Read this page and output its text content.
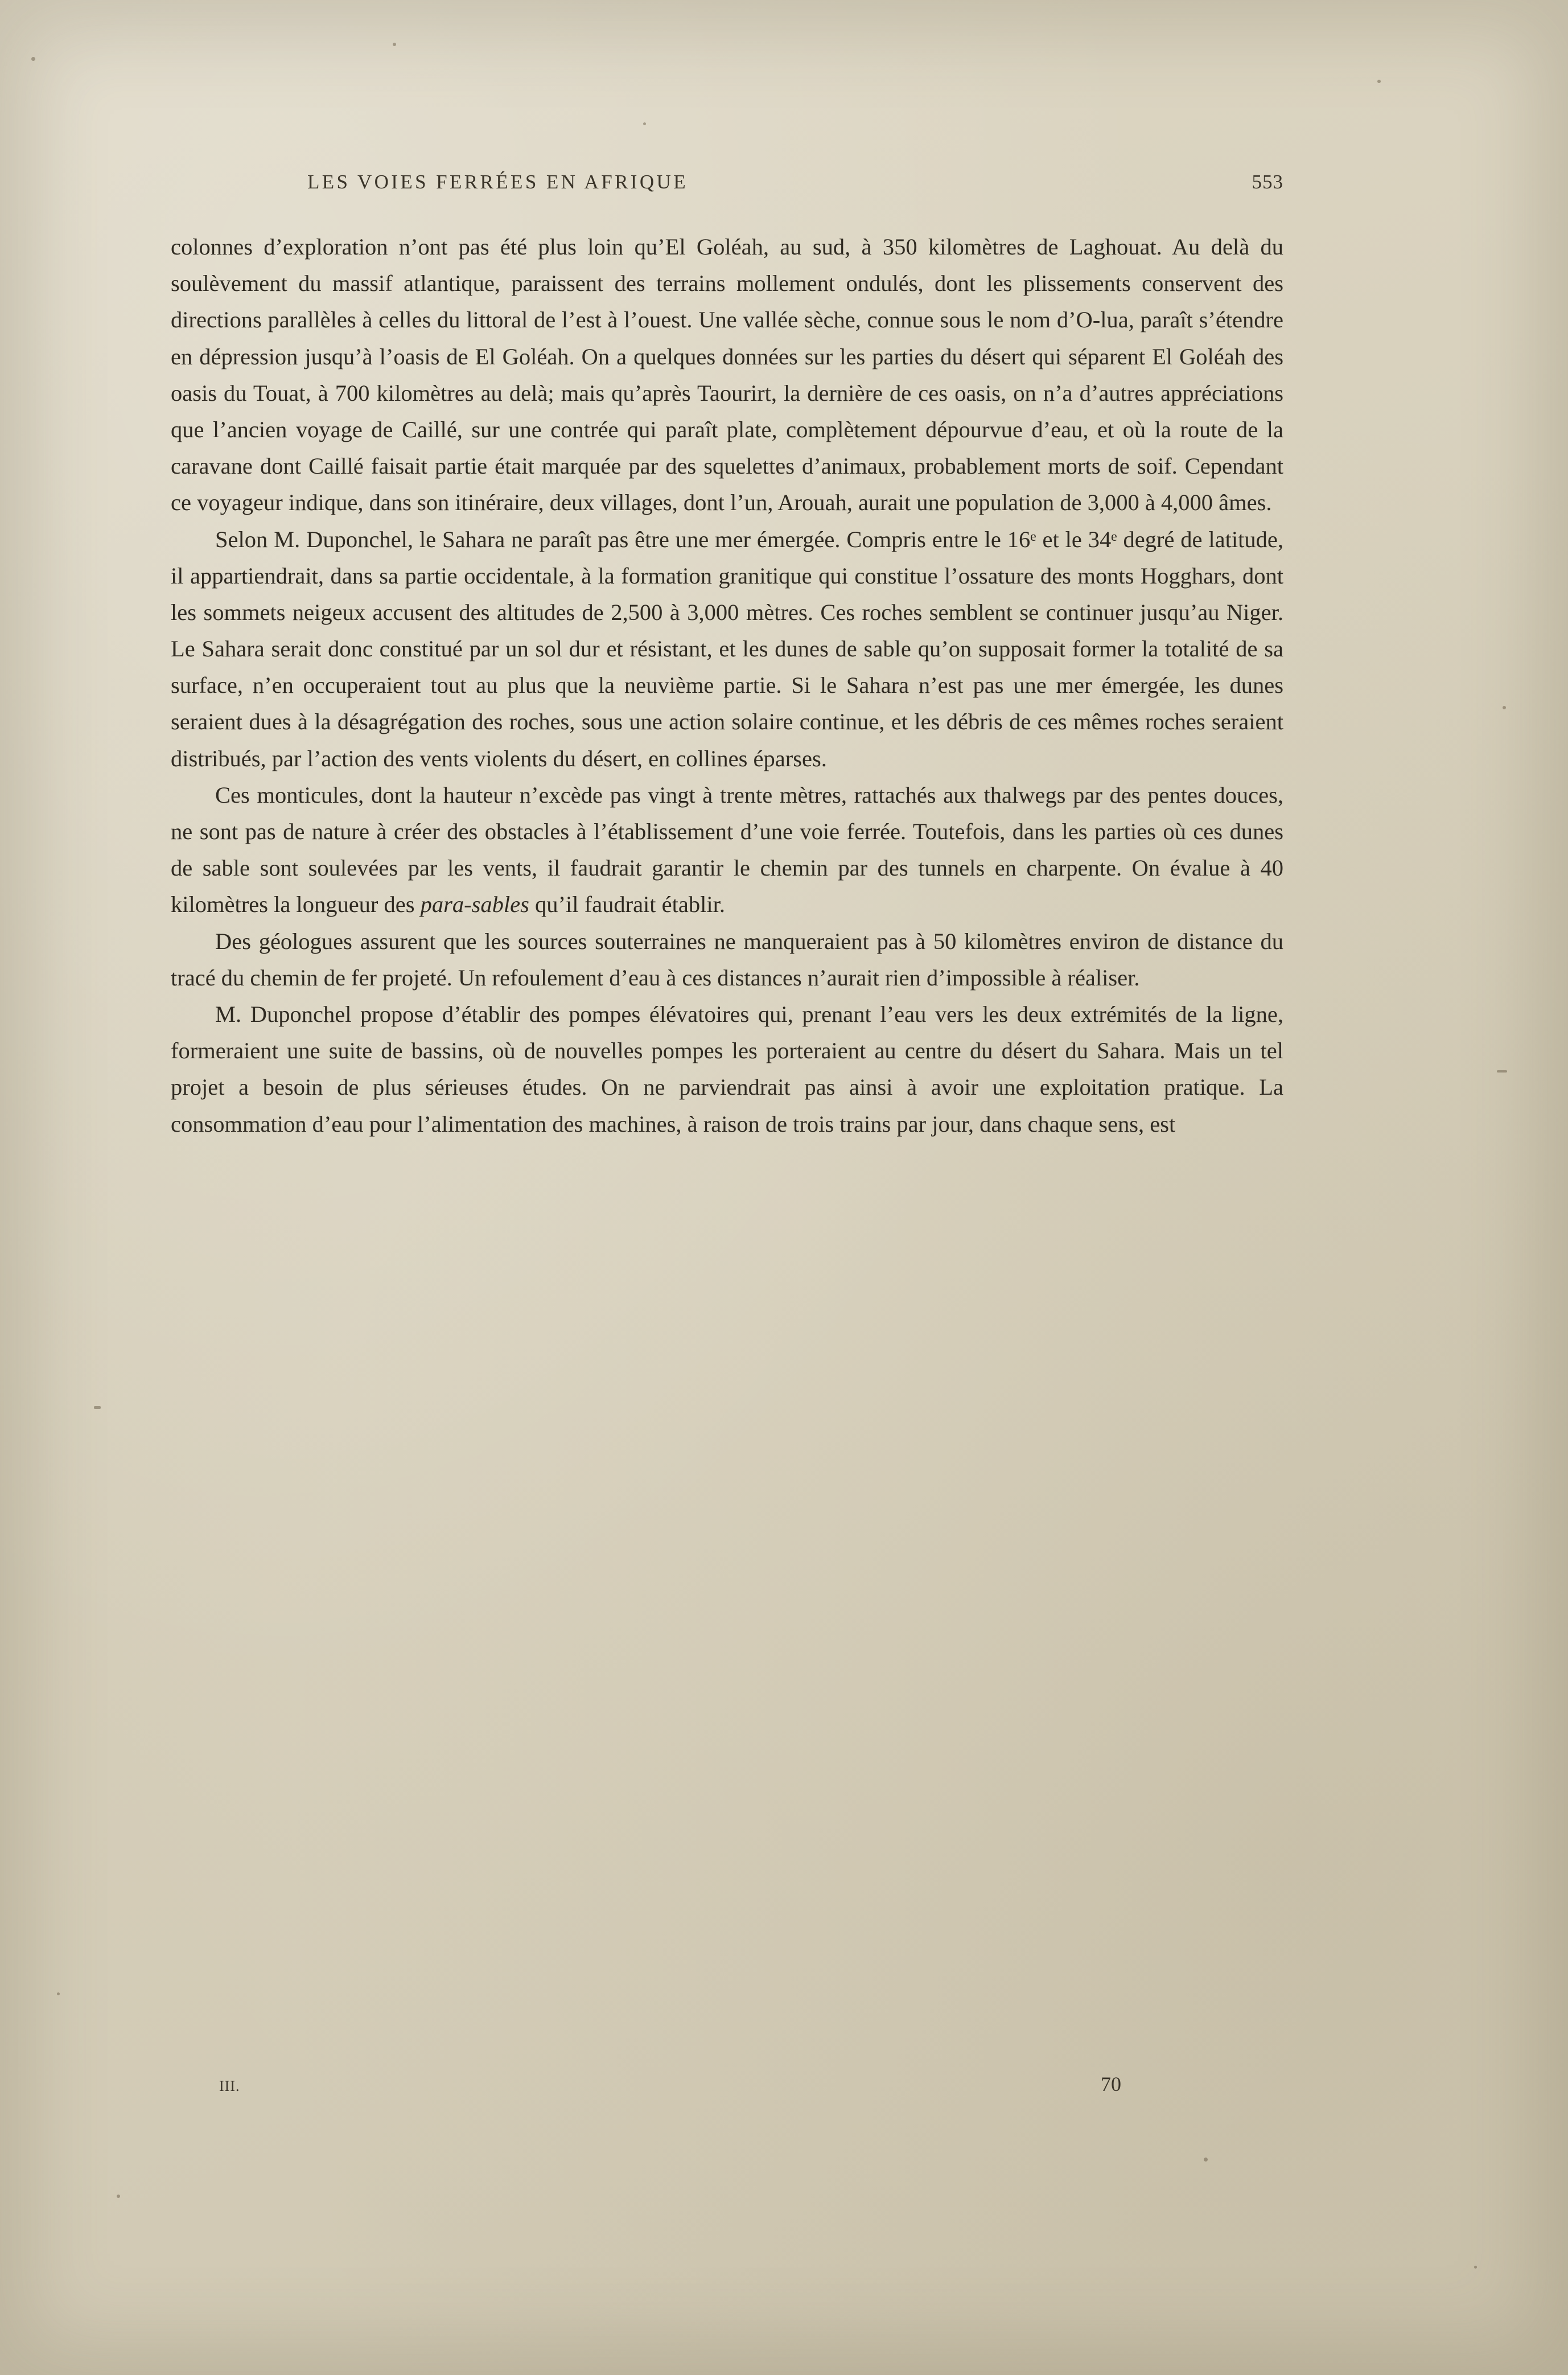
LES VOIES FERRÉES EN AFRIQUE	553

colonnes d’exploration n’ont pas été plus loin qu’El Goléah, au sud, à 350 kilomètres de Laghouat. Au delà du soulèvement du massif atlantique, paraissent des terrains mollement ondulés, dont les plissements conservent des directions parallèles à celles du littoral de l’est à l’ouest. Une vallée sèche, connue sous le nom d’O-lua, paraît s’étendre en dépression jusqu’à l’oasis de El Goléah. On a quelques données sur les parties du désert qui séparent El Goléah des oasis du Touat, à 700 kilomètres au delà; mais qu’après Taourirt, la dernière de ces oasis, on n’a d’autres appréciations que l’ancien voyage de Caillé, sur une contrée qui paraît plate, complètement dépourvue d’eau, et où la route de la caravane dont Caillé faisait partie était marquée par des squelettes d’animaux, probablement morts de soif. Cependant ce voyageur indique, dans son itinéraire, deux villages, dont l’un, Arouah, aurait une population de 3,000 à 4,000 âmes.

Selon M. Duponchel, le Sahara ne paraît pas être une mer émergée. Compris entre le 16ᵉ et le 34ᵉ degré de latitude, il appartiendrait, dans sa partie occidentale, à la formation granitique qui constitue l’ossature des monts Hogghars, dont les sommets neigeux accusent des altitudes de 2,500 à 3,000 mètres. Ces roches semblent se continuer jusqu’au Niger. Le Sahara serait donc constitué par un sol dur et résistant, et les dunes de sable qu’on supposait former la totalité de sa surface, n’en occuperaient tout au plus que la neuvième partie. Si le Sahara n’est pas une mer émergée, les dunes seraient dues à la désagrégation des roches, sous une action solaire continue, et les débris de ces mêmes roches seraient distribués, par l’action des vents violents du désert, en collines éparses.

Ces monticules, dont la hauteur n’excède pas vingt à trente mètres, rattachés aux thalwegs par des pentes douces, ne sont pas de nature à créer des obstacles à l’établissement d’une voie ferrée. Toutefois, dans les parties où ces dunes de sable sont soulevées par les vents, il faudrait garantir le chemin par des tunnels en charpente. On évalue à 40 kilomètres la longueur des para-sables qu’il faudrait établir.

Des géologues assurent que les sources souterraines ne manqueraient pas à 50 kilomètres environ de distance du tracé du chemin de fer projeté. Un refoulement d’eau à ces distances n’aurait rien d’impossible à réaliser.

M. Duponchel propose d’établir des pompes élévatoires qui, prenant l’eau vers les deux extrémités de la ligne, formeraient une suite de bassins, où de nouvelles pompes les porteraient au centre du désert du Sahara. Mais un tel projet a besoin de plus sérieuses études. On ne parviendrait pas ainsi à avoir une exploitation pratique. La consommation d’eau pour l’alimentation des machines, à raison de trois trains par jour, dans chaque sens, est

III.	70
